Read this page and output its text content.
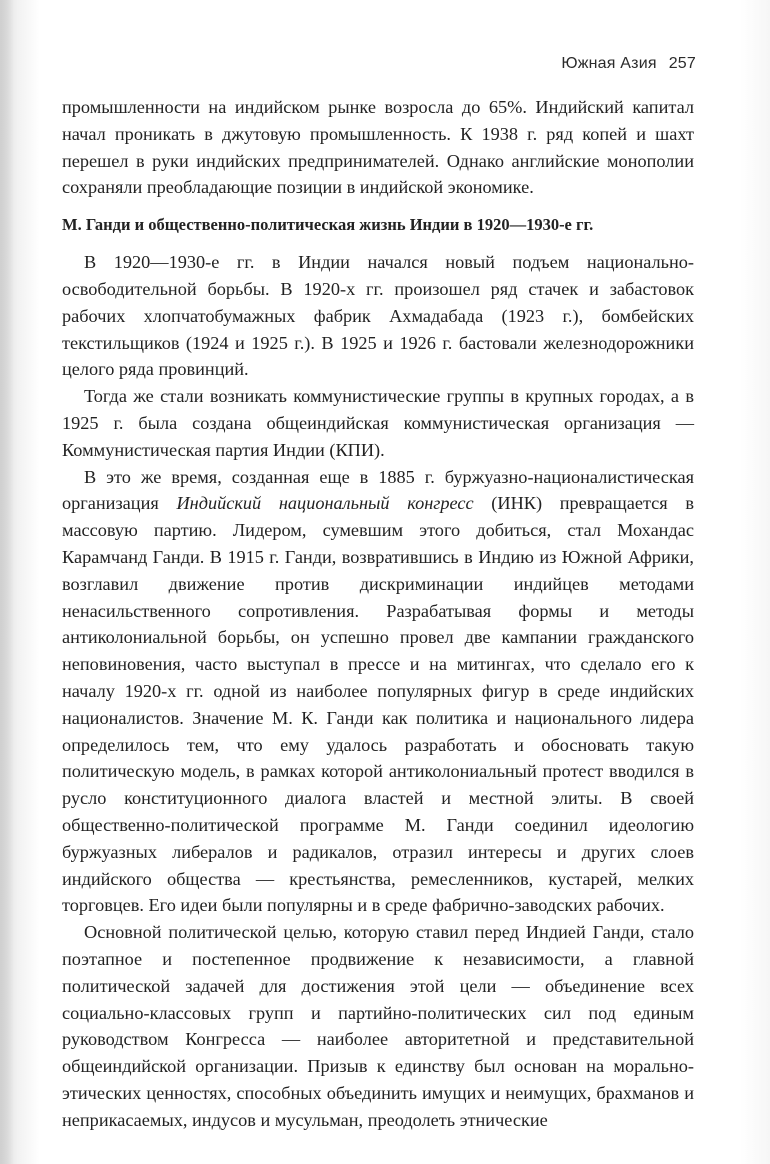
Южная Азия 257

промышленности на индийском рынке возросла до 65%. Индийский капитал начал проникать в джутовую промышленность. К 1938 г. ряд копей и шахт перешел в руки индийских предпринимателей. Однако английские монополии сохраняли преобладающие позиции в индийской экономике.

М. Ганди и общественно-политическая жизнь Индии в 1920—1930-е гг.

В 1920—1930-е гг. в Индии начался новый подъем национально-освободительной борьбы. В 1920-х гг. произошел ряд стачек и забастовок рабочих хлопчатобумажных фабрик Ахмадабада (1923 г.), бомбейских текстильщиков (1924 и 1925 г.). В 1925 и 1926 г. бастовали железнодорожники целого ряда провинций.

Тогда же стали возникать коммунистические группы в крупных городах, а в 1925 г. была создана общеиндийская коммунистическая организация — Коммунистическая партия Индии (КПИ).

В это же время, созданная еще в 1885 г. буржуазно-националистическая организация Индийский национальный конгресс (ИНК) превращается в массовую партию. Лидером, сумевшим этого добиться, стал Мохандас Карамчанд Ганди. В 1915 г. Ганди, возвратившись в Индию из Южной Африки, возглавил движение против дискриминации индийцев методами ненасильственного сопротивления. Разрабатывая формы и методы антиколониальной борьбы, он успешно провел две кампании гражданского неповиновения, часто выступал в прессе и на митингах, что сделало его к началу 1920-х гг. одной из наиболее популярных фигур в среде индийских националистов. Значение М. К. Ганди как политика и национального лидера определилось тем, что ему удалось разработать и обосновать такую политическую модель, в рамках которой антиколониальный протест вводился в русло конституционного диалога властей и местной элиты. В своей общественно-политической программе М. Ганди соединил идеологию буржуазных либералов и радикалов, отразил интересы и других слоев индийского общества — крестьянства, ремесленников, кустарей, мелких торговцев. Его идеи были популярны и в среде фабрично-заводских рабочих.

Основной политической целью, которую ставил перед Индией Ганди, стало поэтапное и постепенное продвижение к независимости, а главной политической задачей для достижения этой цели — объединение всех социально-классовых групп и партийно-политических сил под единым руководством Конгресса — наиболее авторитетной и представительной общеиндийской организации. Призыв к единству был основан на морально-этических ценностях, способных объединить имущих и неимущих, брахманов и неприкасаемых, индусов и мусульман, преодолеть этнические
